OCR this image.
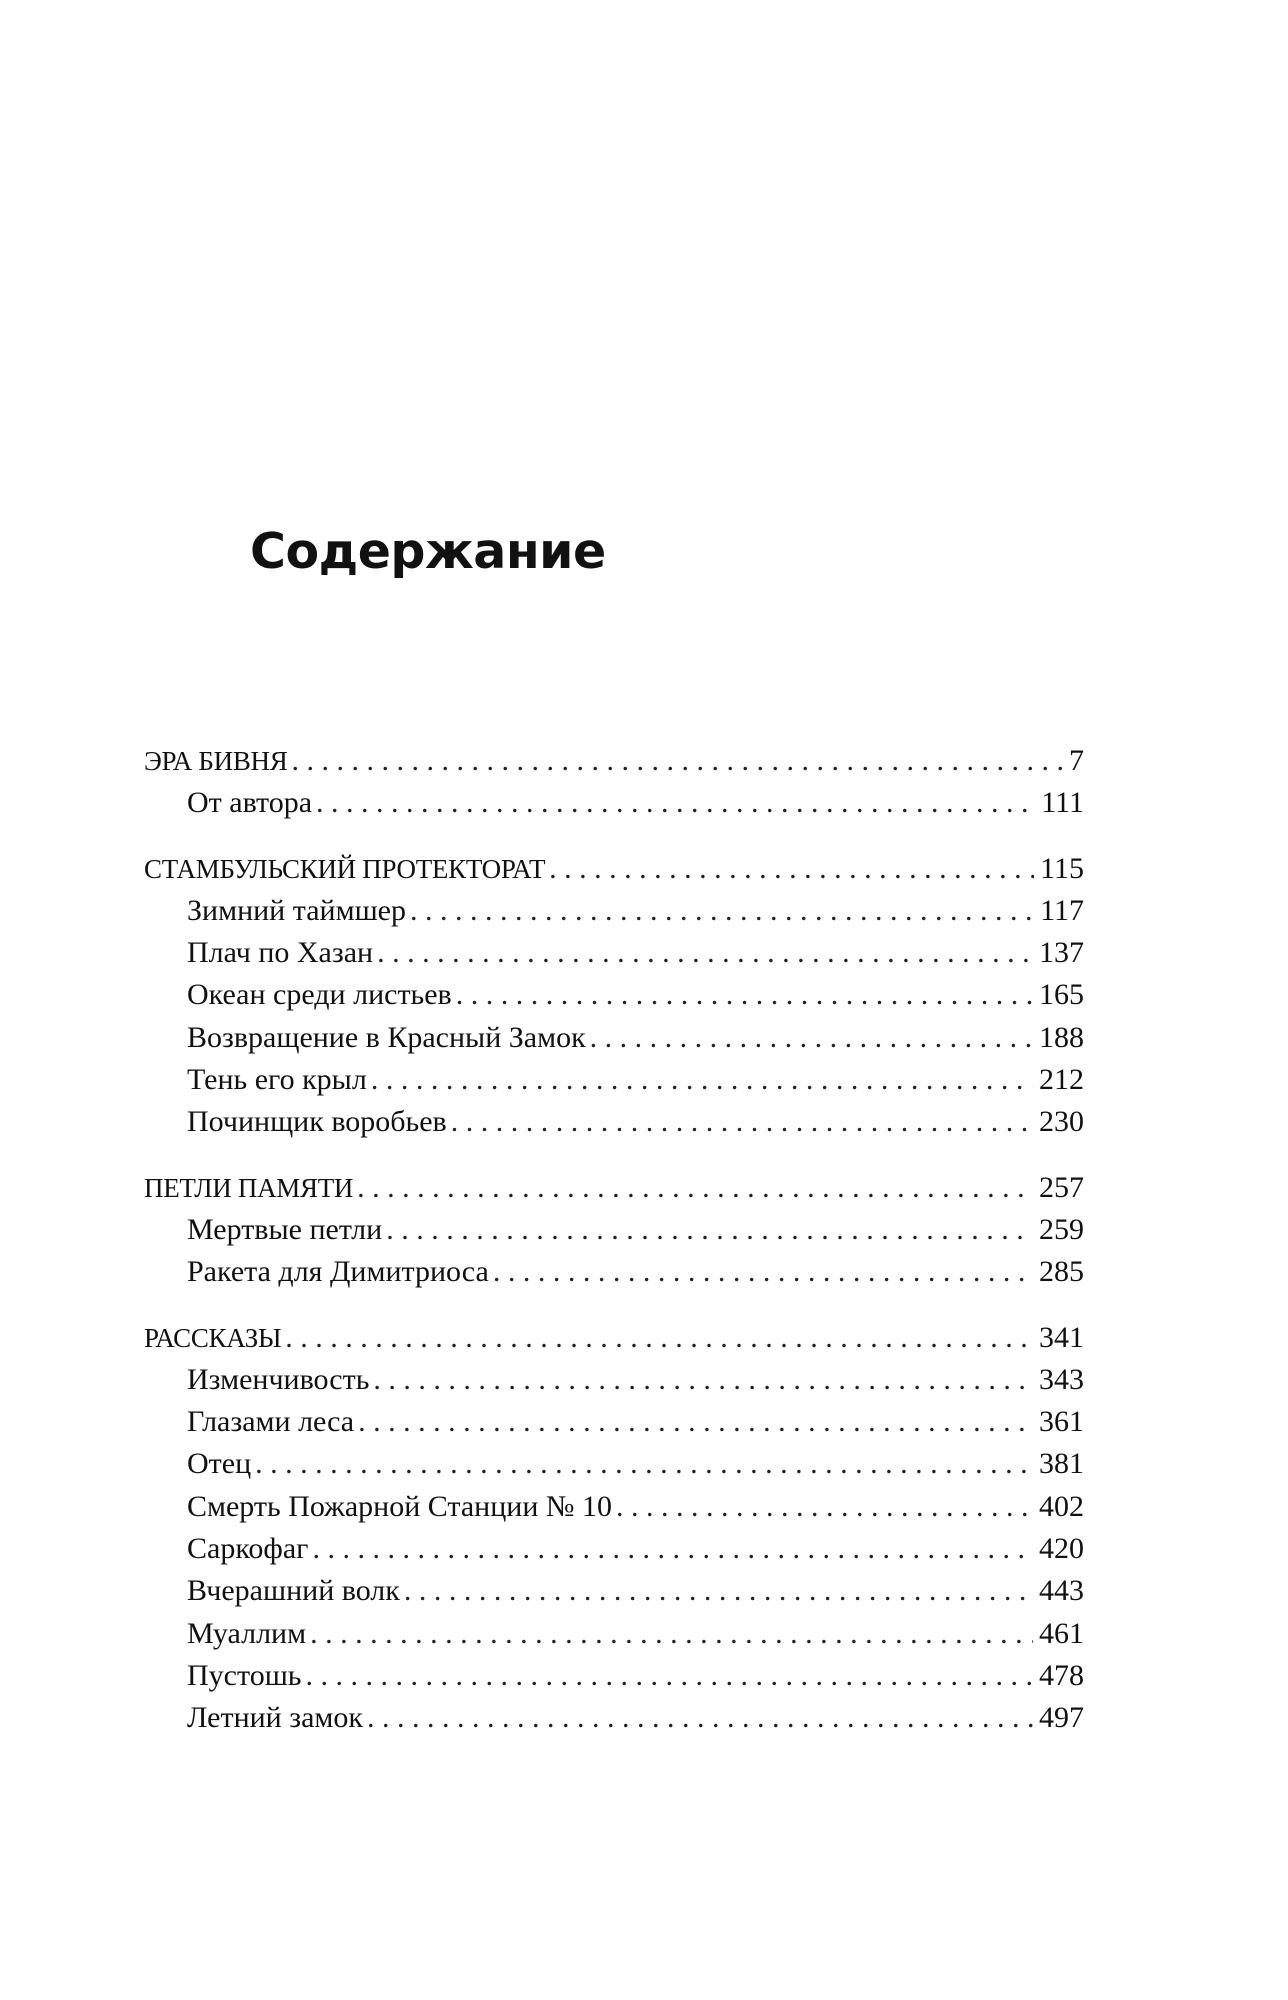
Содержание
ЭРА БИВНЯ . . .	7
От автора . . .	111
СТАМБУЛЬСКИЙ ПРОТЕКТОРАТ . . .	115
Зимний таймшер . . .	117
Плач по Хазан . . .	137
Океан среди листьев . . .	165
Возвращение в Красный Замок . . .	188
Тень его крыл . . .	212
Починщик воробьев . . .	230
ПЕТЛИ ПАМЯТИ . . .	257
Мертвые петли . . .	259
Ракета для Димитриоса . . .	285
РАССКАЗЫ . . .	341
Изменчивость . . .	343
Глазами леса . . .	361
Отец . . .	381
Смерть Пожарной Станции № 10 . . .	402
Саркофаг . . .	420
Вчерашний волк . . .	443
Муаллим . . .	461
Пустошь . . .	478
Летний замок . . .	497
